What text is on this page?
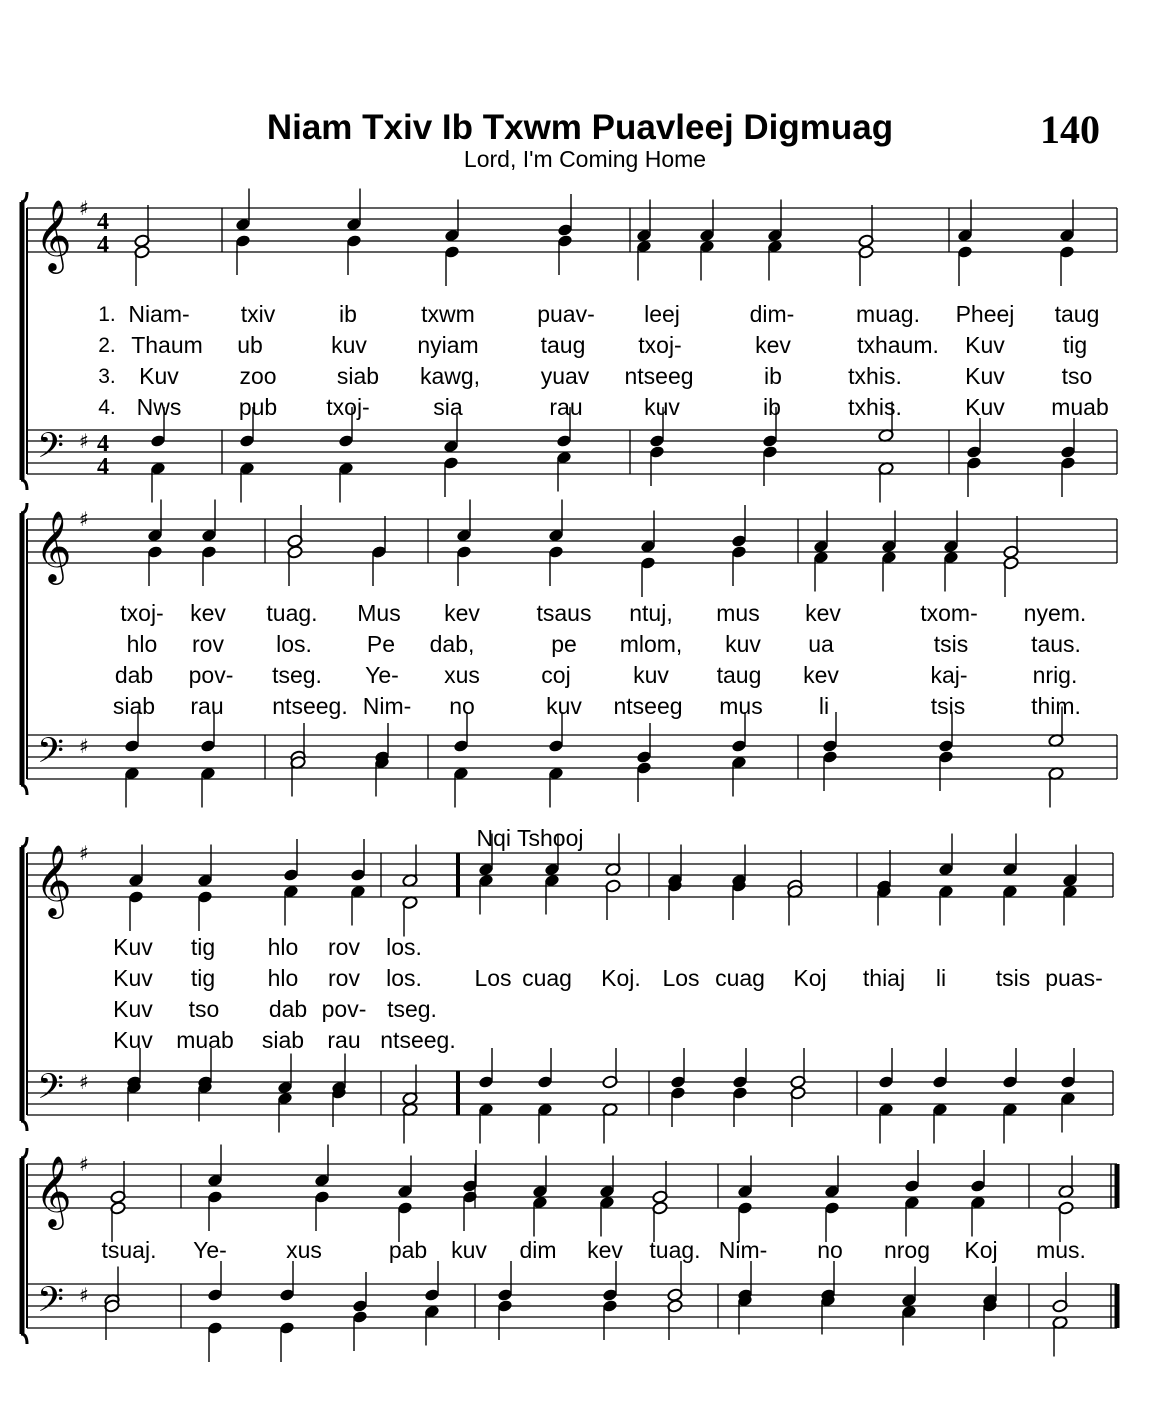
Niam Txiv Ib Txwm Puavleej Digmuag
Lord, I'm Coming Home
140
𝄞
𝄢
♯
♯
4
4
4
4
𝄞
𝄢
♯
♯
𝄞
𝄢
♯
♯
𝄞
𝄢
♯
♯
1.
2.
3.
4.
Nqi Tshooj
Niam- txiv	ib	txwm	puav- leej	dim-	muag. Pheej taug
Thaum ub	kuv nyiam	taug txoj-	kev	txhaum. Kuv	tig
Kuv	zoo	siab kawg,	yuav ntseeg	ib	txhis.	Kuv tso
Nws pub txoj-	sia	rau	kuv	ib	txhis.	Kuv muab
txoj- kev tuag. Mus kev tsaus ntuj, mus kev	txom- nyem.
hlo rov los. Pe dab,	pe mlom, kuv ua	tsis	taus.
dab pov- tseg. Ye- xus	coj	kuv taug kev	kaj-	nrig.
siab rau ntseeg. Nim- no	kuv ntseeg mus li	tsis	thim.
Kuv tig hlo rov los.
Kuv tig hlo rov los. Los cuag Koj. Los cuag Koj thiaj li tsis puas-
Kuv tso dab pov- tseg.
Kuv muab siab rau ntseeg.
tsuaj. Ye-	xus	pab kuv dim kev tuag. Nim- no nrog Koj mus.
